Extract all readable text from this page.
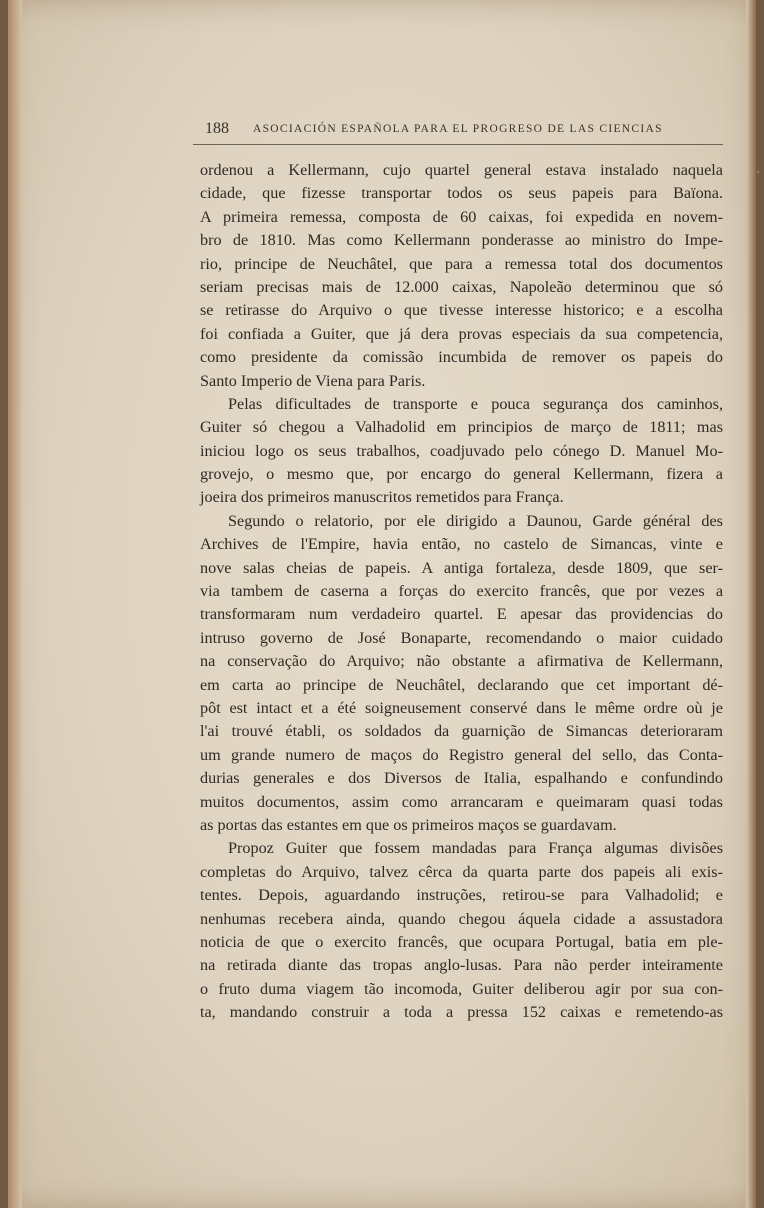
188 ASOCIACIÓN ESPAÑOLA PARA EL PROGRESO DE LAS CIENCIAS
•
ordenou a Kellermann, cujo quartel general estava instalado naquela
cidade, que fizesse transportar todos os seus papeis para Baïona.
A primeira remessa, composta de 60 caixas, foi expedida en novem-
bro de 1810. Mas como Kellermann ponderasse ao ministro do Impe-
rio, principe de Neuchâtel, que para a remessa total dos documentos
seriam precisas mais de 12.000 caixas, Napoleão determinou que só
se retirasse do Arquivo o que tivesse interesse historico; e a escolha
foi confiada a Guiter, que já dera provas especiais da sua competencia,
como presidente da comissão incumbida de remover os papeis do
Santo Imperio de Viena para Paris.
Pelas dificultades de transporte e pouca segurança dos caminhos,
Guiter só chegou a Valhadolid em principios de março de 1811; mas
iniciou logo os seus trabalhos, coadjuvado pelo cónego D. Manuel Mo-
grovejo, o mesmo que, por encargo do general Kellermann, fizera a
joeira dos primeiros manuscritos remetidos para França.
Segundo o relatorio, por ele dirigido a Daunou, Garde général des
Archives de l'Empire, havia então, no castelo de Simancas, vinte e
nove salas cheias de papeis. A antiga fortaleza, desde 1809, que ser-
via tambem de caserna a forças do exercito francês, que por vezes a
transformaram num verdadeiro quartel. E apesar das providencias do
intruso governo de José Bonaparte, recomendando o maior cuidado
na conservação do Arquivo; não obstante a afirmativa de Kellermann,
em carta ao principe de Neuchâtel, declarando que cet important dé-
pôt est intact et a été soigneusement conservé dans le même ordre où je
l'ai trouvé établi, os soldados da guarnição de Simancas deterioraram
um grande numero de maços do Registro general del sello, das Conta-
durias generales e dos Diversos de Italia, espalhando e confundindo
muitos documentos, assim como arrancaram e queimaram quasi todas
as portas das estantes em que os primeiros maços se guardavam.
Propoz Guiter que fossem mandadas para França algumas divisões
completas do Arquivo, talvez cêrca da quarta parte dos papeis ali exis-
tentes. Depois, aguardando instruções, retirou-se para Valhadolid; e
nenhumas recebera ainda, quando chegou áquela cidade a assustadora
noticia de que o exercito francês, que ocupara Portugal, batia em ple-
na retirada diante das tropas anglo-lusas. Para não perder inteiramente
o fruto duma viagem tão incomoda, Guiter deliberou agir por sua con-
ta, mandando construir a toda a pressa 152 caixas e remetendo-as
